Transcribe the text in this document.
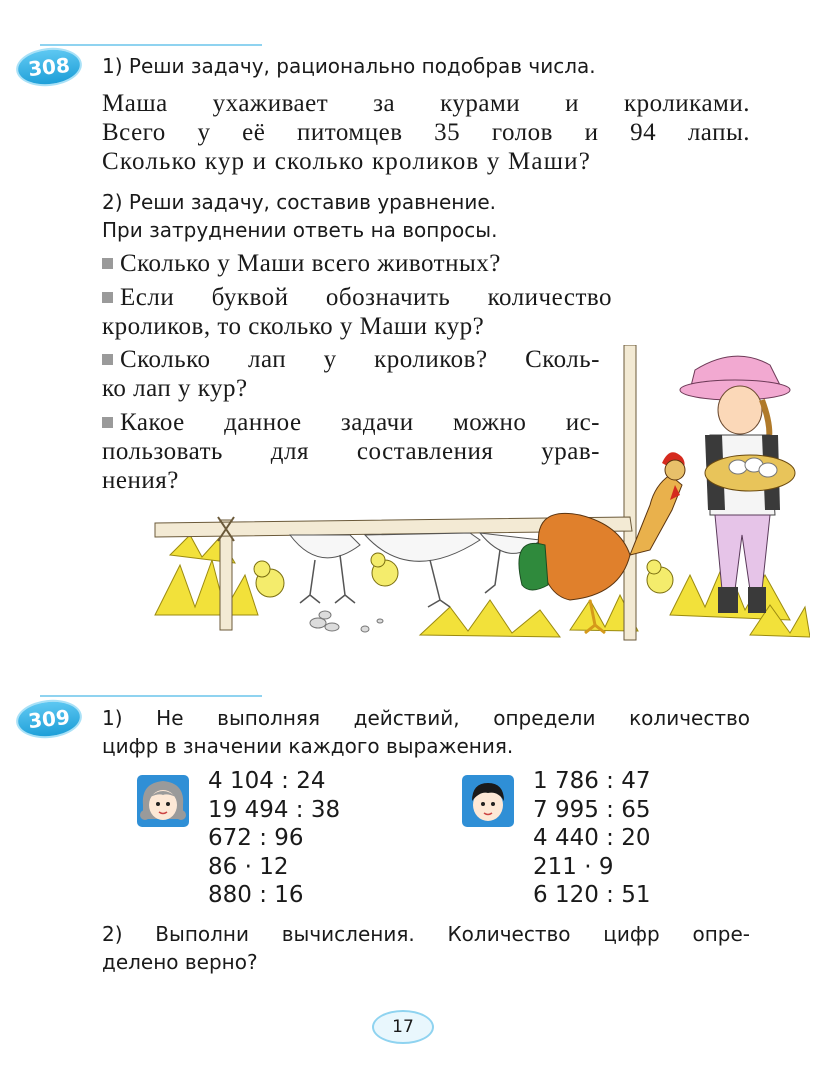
308	1) Реши задачу, рационально подобрав числа.

Маша ухаживает за курами и кроликами.

Всего у её питомцев 35 голов и 94 лапы.

Сколько кур и сколько кроликов у Маши?

2) Реши задачу, составив уравнение.

При затруднении ответь на вопросы.

Сколько у Маши всего животных?

Если буквой обозначить количество

кроликов, то сколько у Маши кур?

Сколько лап у кроликов? Сколь-

ко лап у кур?

Какое данное задачи можно ис-

пользовать для составления урав-

нения?

309	1) Не выполняя действий, определи количество

цифр в значении каждого выражения.

4 104 : 24
19 494 : 38
672 : 96
86 · 12
880 : 16
1 786 : 47
7 995 : 65
4 440 : 20
211 · 9
6 120 : 51

2) Выполни вычисления. Количество цифр опре-

делено верно?

17
